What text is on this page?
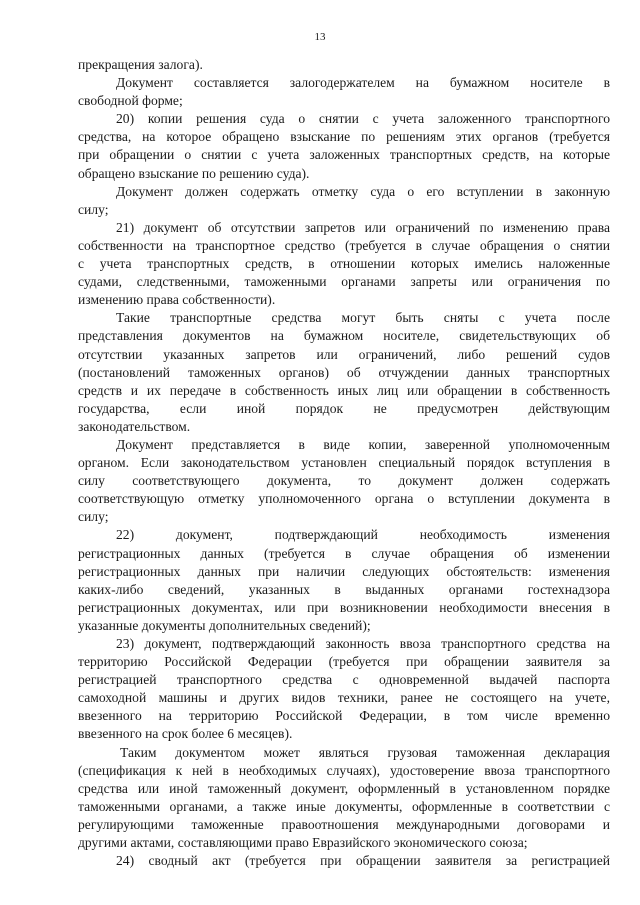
13
прекращения залога).
Документ составляется залогодержателем на бумажном носителе в
свободной форме;
20) копии решения суда о снятии с учета заложенного транспортного
средства, на которое обращено взыскание по решениям этих органов (требуется
при обращении о снятии с учета заложенных транспортных средств, на которые
обращено взыскание по решению суда).
Документ должен содержать отметку суда о его вступлении в законную
силу;
21) документ об отсутствии запретов или ограничений по изменению права
собственности на транспортное средство (требуется в случае обращения о снятии
с учета транспортных средств, в отношении которых имелись наложенные
судами, следственными, таможенными органами запреты или ограничения по
изменению права собственности).
Такие транспортные средства могут быть сняты с учета после
представления документов на бумажном носителе, свидетельствующих об
отсутствии указанных запретов или ограничений, либо решений судов
(постановлений таможенных органов) об отчуждении данных транспортных
средств и их передаче в собственность иных лиц или обращении в собственность
государства, если иной порядок не предусмотрен действующим
законодательством.
Документ представляется в виде копии, заверенной уполномоченным
органом. Если законодательством установлен специальный порядок вступления в
силу соответствующего документа, то документ должен содержать
соответствующую отметку уполномоченного органа о вступлении документа в
силу;
22) документ, подтверждающий необходимость изменения
регистрационных данных (требуется в случае обращения об изменении
регистрационных данных при наличии следующих обстоятельств: изменения
каких-либо сведений, указанных в выданных органами гостехнадзора
регистрационных документах, или при возникновении необходимости внесения в
указанные документы дополнительных сведений);
23) документ, подтверждающий законность ввоза транспортного средства на
территорию Российской Федерации (требуется при обращении заявителя за
регистрацией транспортного средства с одновременной выдачей паспорта
самоходной машины и других видов техники, ранее не состоящего на учете,
ввезенного на территорию Российской Федерации, в том числе временно
ввезенного на срок более 6 месяцев).
Таким документом может являться грузовая таможенная декларация
(спецификация к ней в необходимых случаях), удостоверение ввоза транспортного
средства или иной таможенный документ, оформленный в установленном порядке
таможенными органами, а также иные документы, оформленные в соответствии с
регулирующими таможенные правоотношения международными договорами и
другими актами, составляющими право Евразийского экономического союза;
24) сводный акт (требуется при обращении заявителя за регистрацией
